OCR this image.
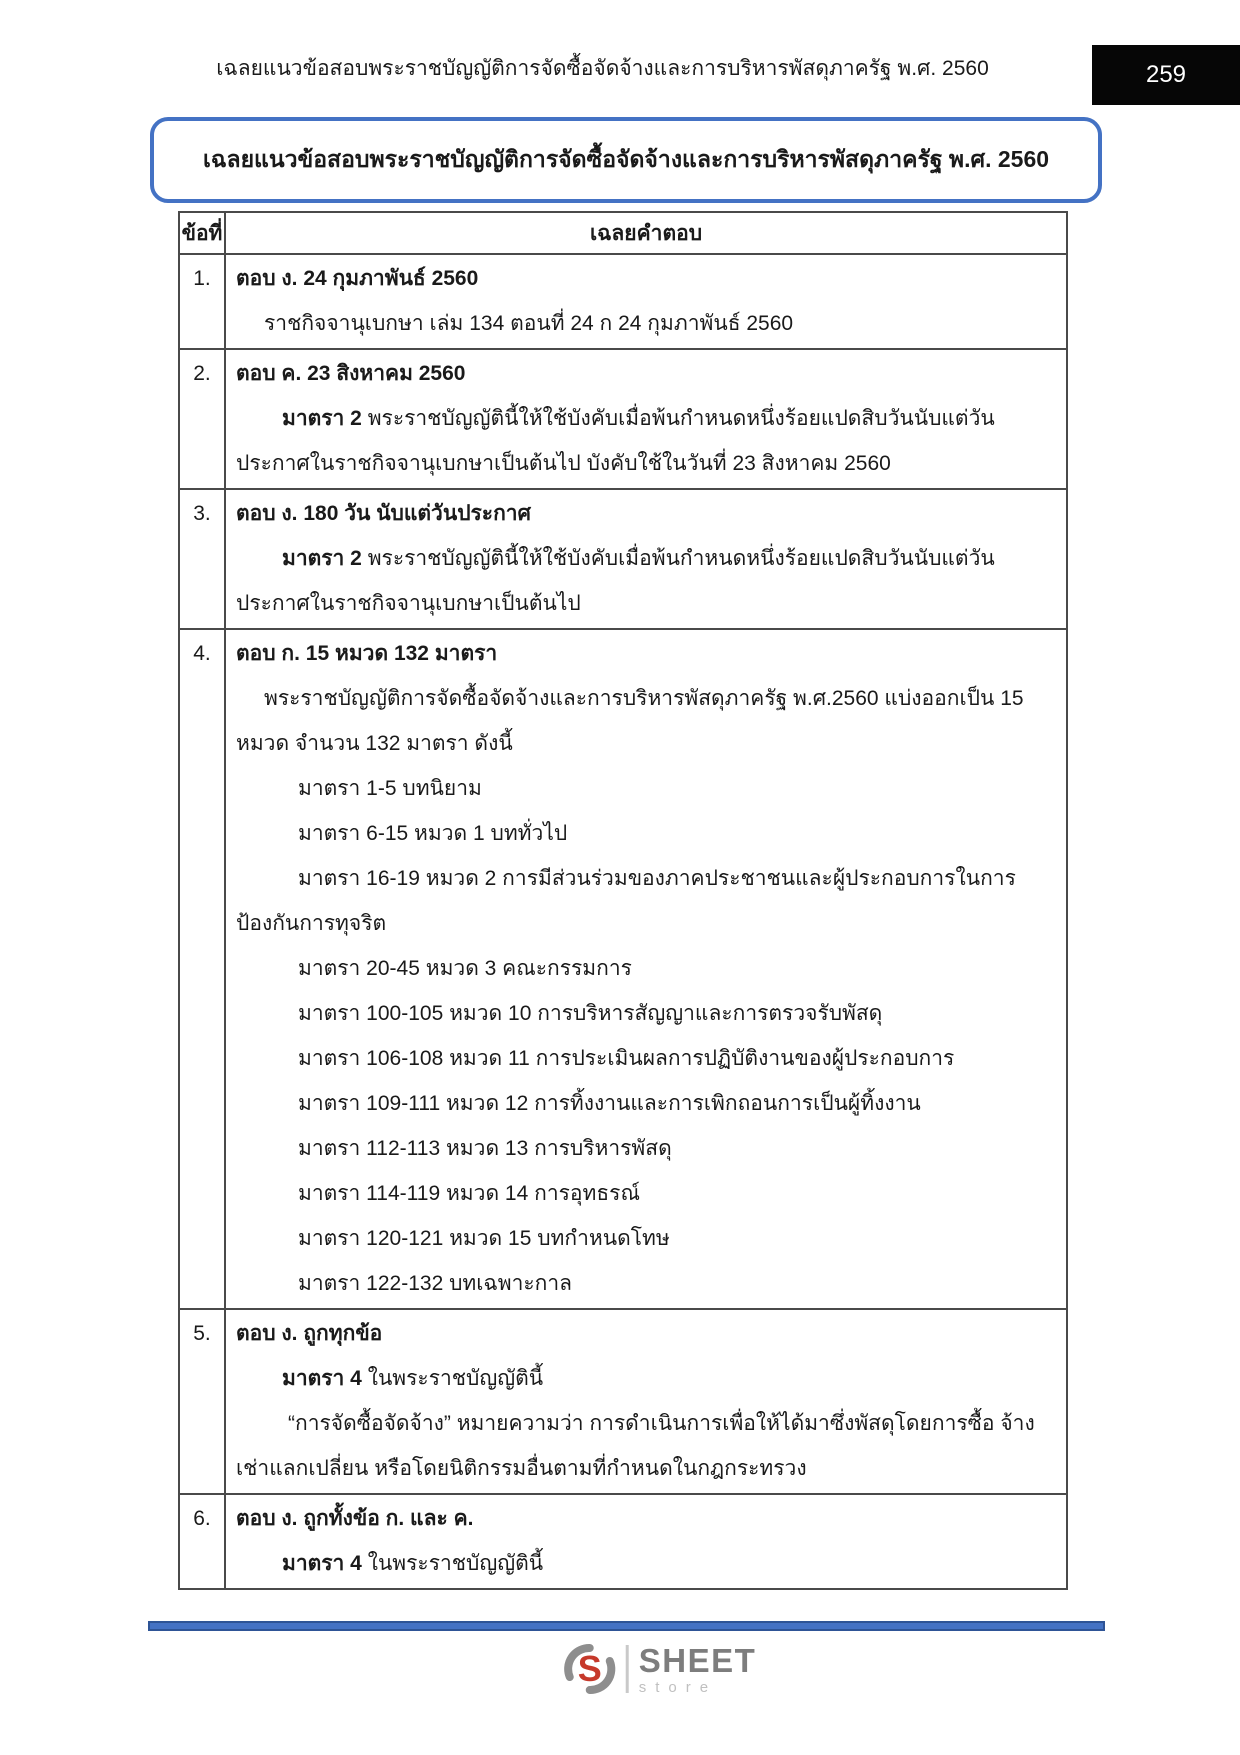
เฉลยแนวข้อสอบพระราชบัญญัติการจัดซื้อจัดจ้างและการบริหารพัสดุภาครัฐ พ.ศ. 2560	259
เฉลยแนวข้อสอบพระราชบัญญัติการจัดซื้อจัดจ้างและการบริหารพัสดุภาครัฐ พ.ศ. 2560
ข้อที่	เฉลยคำตอบ
1.	ตอบ ง. 24 กุมภาพันธ์ 2560
ราชกิจจานุเบกษา เล่ม 134 ตอนที่ 24 ก 24 กุมภาพันธ์ 2560

2.	ตอบ ค. 23 สิงหาคม 2560
มาตรา 2 พระราชบัญญัตินี้ให้ใช้บังคับเมื่อพ้นกำหนดหนึ่งร้อยแปดสิบวันนับแต่วัน
ประกาศในราชกิจจานุเบกษาเป็นต้นไป บังคับใช้ในวันที่ 23 สิงหาคม 2560

3.	ตอบ ง. 180 วัน นับแต่วันประกาศ
มาตรา 2 พระราชบัญญัตินี้ให้ใช้บังคับเมื่อพ้นกำหนดหนึ่งร้อยแปดสิบวันนับแต่วัน
ประกาศในราชกิจจานุเบกษาเป็นต้นไป

4.	ตอบ ก. 15 หมวด 132 มาตรา
พระราชบัญญัติการจัดซื้อจัดจ้างและการบริหารพัสดุภาครัฐ พ.ศ.2560 แบ่งออกเป็น 15
หมวด จำนวน 132 มาตรา ดังนี้
มาตรา 1-5 บทนิยาม
มาตรา 6-15 หมวด 1 บททั่วไป
มาตรา 16-19 หมวด 2 การมีส่วนร่วมของภาคประชาชนและผู้ประกอบการในการ
ป้องกันการทุจริต
มาตรา 20-45 หมวด 3 คณะกรรมการ
มาตรา 100-105 หมวด 10 การบริหารสัญญาและการตรวจรับพัสดุ
มาตรา 106-108 หมวด 11 การประเมินผลการปฏิบัติงานของผู้ประกอบการ
มาตรา 109-111 หมวด 12 การทิ้งงานและการเพิกถอนการเป็นผู้ทิ้งงาน
มาตรา 112-113 หมวด 13 การบริหารพัสดุ
มาตรา 114-119 หมวด 14 การอุทธรณ์
มาตรา 120-121 หมวด 15 บทกำหนดโทษ
มาตรา 122-132 บทเฉพาะกาล

5.	ตอบ ง. ถูกทุกข้อ
มาตรา 4 ในพระราชบัญญัตินี้
“การจัดซื้อจัดจ้าง” หมายความว่า การดำเนินการเพื่อให้ได้มาซึ่งพัสดุโดยการซื้อ จ้าง
เช่าแลกเปลี่ยน หรือโดยนิติกรรมอื่นตามที่กำหนดในกฎกระทรวง

6.	ตอบ ง. ถูกทั้งข้อ ก. และ ค.
มาตรา 4 ในพระราชบัญญัตินี้
S SHEET
store
